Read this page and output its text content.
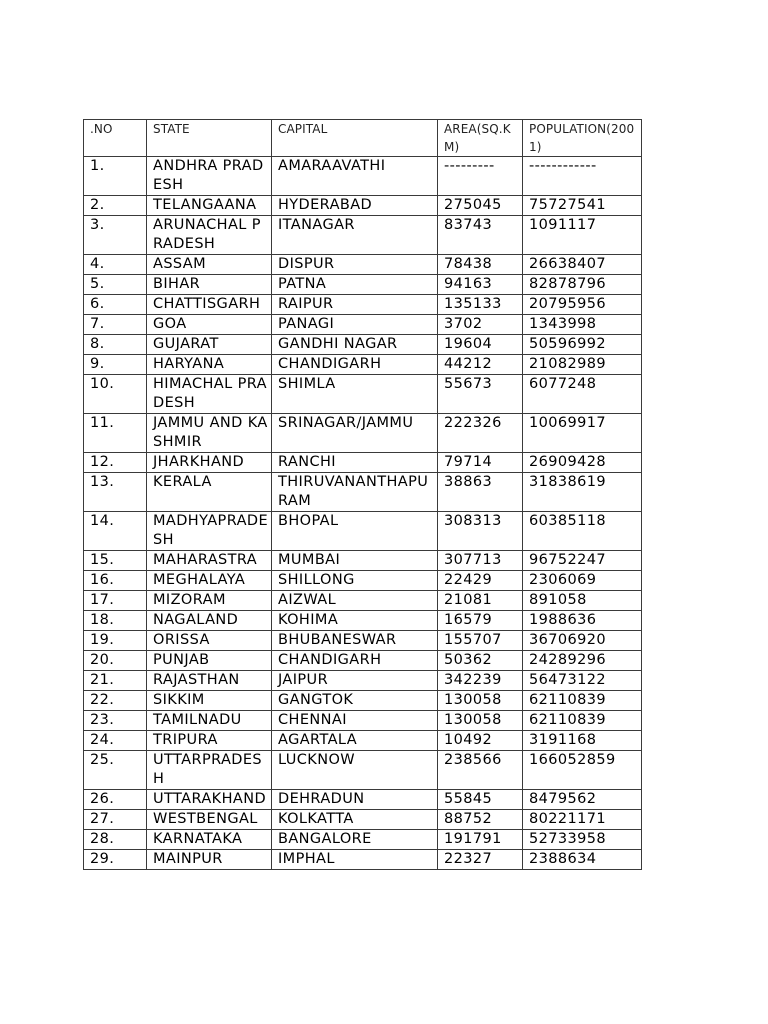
.NO	STATE	CAPITAL	AREA(SQ.KM)	POPULATION(2001)
1.	ANDHRA PRADESH	AMARAAVATHI	---------	------------
2.	TELANGAANA	HYDERABAD	275045	75727541
3.	ARUNACHAL PRADESH	ITANAGAR	83743	1091117
4.	ASSAM	DISPUR	78438	26638407
5.	BIHAR	PATNA	94163	82878796
6.	CHATTISGARH	RAIPUR	135133	20795956
7.	GOA	PANAGI	3702	1343998
8.	GUJARAT	GANDHI NAGAR	19604	50596992
9.	HARYANA	CHANDIGARH	44212	21082989
10.	HIMACHAL PRADESH	SHIMLA	55673	6077248
11.	JAMMU AND KASHMIR	SRINAGAR/JAMMU	222326	10069917
12.	JHARKHAND	RANCHI	79714	26909428
13.	KERALA	THIRUVANANTHAPURAM	38863	31838619
14.	MADHYAPRADESH	BHOPAL	308313	60385118
15.	MAHARASTRA	MUMBAI	307713	96752247
16.	MEGHALAYA	SHILLONG	22429	2306069
17.	MIZORAM	AIZWAL	21081	891058
18.	NAGALAND	KOHIMA	16579	1988636
19.	ORISSA	BHUBANESWAR	155707	36706920
20.	PUNJAB	CHANDIGARH	50362	24289296
21.	RAJASTHAN	JAIPUR	342239	56473122
22.	SIKKIM	GANGTOK	130058	62110839
23.	TAMILNADU	CHENNAI	130058	62110839
24.	TRIPURA	AGARTALA	10492	3191168
25.	UTTARPRADESH	LUCKNOW	238566	166052859
26.	UTTARAKHAND	DEHRADUN	55845	8479562
27.	WESTBENGAL	KOLKATTA	88752	80221171
28.	KARNATAKA	BANGALORE	191791	52733958
29.	MAINPUR	IMPHAL	22327	2388634
